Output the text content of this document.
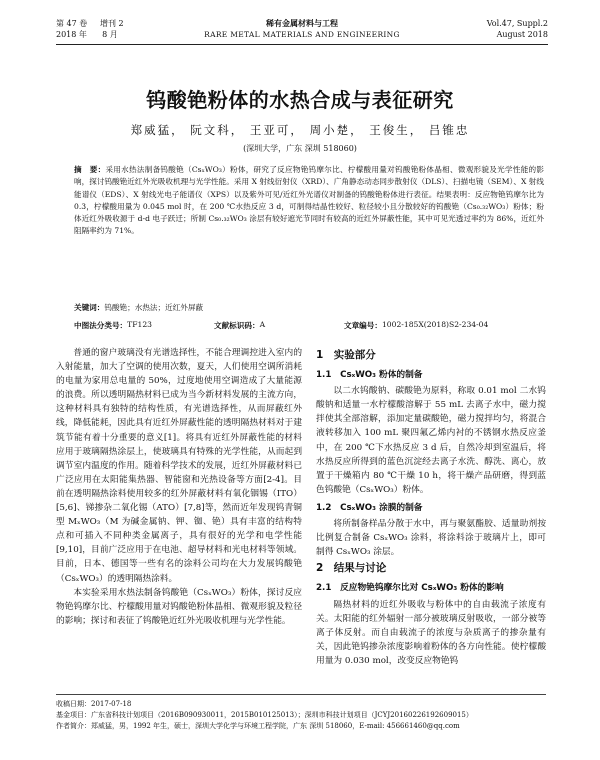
第 47 卷 增刊 2
2018 年 8 月
稀有金属材料与工程
RARE METAL MATERIALS AND ENGINEERING
Vol.47, Suppl.2
August 2018
钨酸铯粉体的水热合成与表征研究
郑威猛， 阮文科， 王亚可， 周小楚， 王俊生， 吕锥忠
(深圳大学，广东 深圳 518060)
摘　要：采用水热法制备钨酸铯（CsₓWO₃）粉体，研究了反应物铯钨摩尔比、柠檬酸用量对钨酸铯粉体晶相、微观形貌及光学性能的影响，探讨钨酸铯近红外光吸收机理与光学性能。采用 X 射线衍射仪（XRD）、广角静态动态同步散射仪（DLS）、扫描电镜（SEM）、X 射线能谱仪（EDS）、X 射线光电子能谱仪（XPS）以及紫外可见/近红外光谱仪对制备的钨酸铯粉体进行表征。结果表明：反应物铯钨摩尔比为 0.3，柠檬酸用量为 0.045 mol 时，在 200 ℃水热反应 3 d，可制得结晶性较好、粒径较小且分散较好的钨酸铯（Cs₀.₃₂WO₃）粉体；粉体近红外吸收源于 d-d 电子跃迁；所制 Cs₀.₃₂WO₃ 涂层有较好遮光节同时有较高的近红外屏蔽性能，其中可见光透过率约为 86%，近红外阻隔率约为 71%。
关键词：钨酸铯；水热法；近红外屏蔽
中图法分类号： TF123	文献标识码： A	文章编号： 1002-185X(2018)S2-234-04

普通的窗户玻璃没有光谱选择性，不能合理调控进入室内的入射能量，加大了空调的使用次数，夏天，人们使用空调所消耗的电量为家用总电量的 50%，过度地使用空调造成了大量能源的浪费。所以透明隔热材料已成为当今新材料发展的主流方向，这种材料具有独特的结构性质，有光谱选择性，从而屏蔽红外线，降低能耗，因此具有近红外屏蔽性能的透明隔热材料对于建筑节能有着十分重要的意义[1]。将具有近红外屏蔽性能的材料应用于玻璃隔热涂层上，使玻璃具有特殊的光学性能，从而起到调节室内温度的作用。随着科学技术的发展，近红外屏蔽材料已广泛应用在太阳能集热器、智能窗和光热设备等方面[2-4]。目前在透明隔热涂料使用较多的红外屏蔽材料有氧化铟锡（ITO）[5,6]、锑掺杂二氧化锡（ATO）[7,8]等，然而近年发现钨青铜型 MₓWO₃（M 为碱金属钠、钾、铷、铯）具有丰富的结构特点和可插入不同种类金属离子，具有很好的光学和电学性能[9,10]，目前广泛应用于在电池、超导材料和光电材料等领域。目前，日本、德国等一些有名的涂料公司均在大力发展钨酸铯（CsₓWO₃）的透明隔热涂料。

本实验采用水热法制备钨酸铯（CsₓWO₃）粉体，探讨反应物铯钨摩尔比、柠檬酸用量对钨酸铯粉体晶相、微观形貌及粒径的影响；探讨和表征了钨酸铯近红外光吸收机理与光学性能。

1　实验部分
1.1　CsₓWO₃ 粉体的制备

以二水钨酸钠、碳酸铯为原料，称取 0.01 mol 二水钨酸钠和适量一水柠檬酸溶解于 55 mL 去离子水中，磁力搅拌使其全部溶解，添加定量碳酸铯，磁力搅拌均匀，将混合液转移加入 100 mL 聚四氟乙烯内衬的不锈钢水热反应釜中，在 200 ℃下水热反应 3 d 后，自然冷却到室温后，将水热反应所得到的蓝色沉淀经去离子水洗、醇洗、离心，放置于干燥箱内 80 ℃干燥 10 h，将干燥产品研磨，得到蓝色钨酸铯（CsₓWO₃）粉体。

1.2　CsₓWO₃ 涂膜的制备

将所制备样品分散于水中，再与聚氨酯胶、适量助剂按比例复合制备 CsₓWO₃ 涂料，将涂料涂于玻璃片上，即可制得 CsₓWO₃ 涂层。

2　结果与讨论
2.1　反应物铯钨摩尔比对 CsₓWO₃ 粉体的影响

隔热材料的近红外吸收与粉体中的自由载流子浓度有关。太阳能的红外辐射一部分被玻璃反射吸收，一部分被等离子体反射。而自由载流子的浓度与杂质离子的掺杂量有关，因此铯钨掺杂浓度影响着粉体的各方向性能。使柠檬酸用量为 0.030 mol，改变反应物铯钨

收稿日期：2017-07-18
基金项目：广东省科技计划项目（2016B090930011，2015B010125013）；深圳市科技计划项目（JCYJ20160226192609015）
作者简介：郑威猛，男，1992 年生，硕士，深圳大学化学与环境工程学院，广东 深圳 518060，E-mail: 456661460@qq.com
